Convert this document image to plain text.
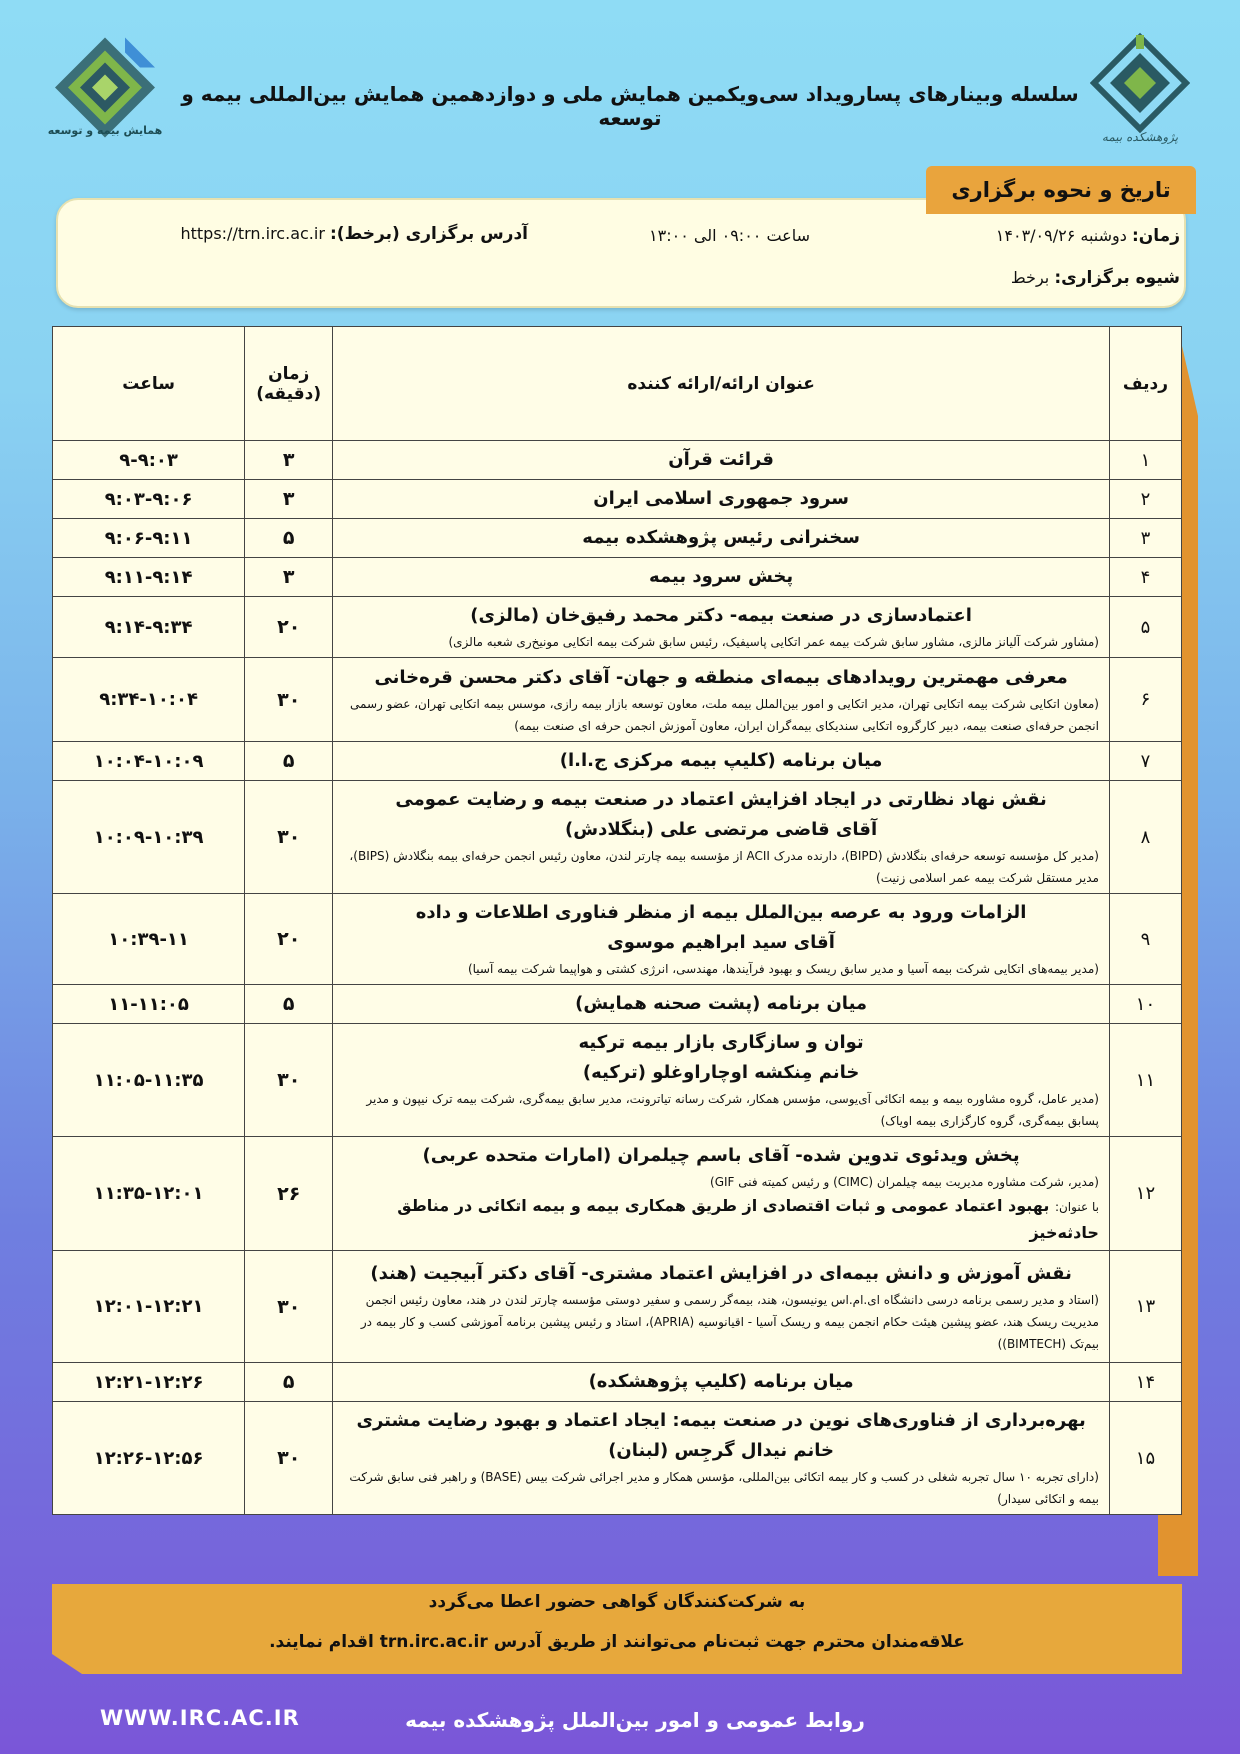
همایش بیمه و توسعه	پژوهشکده بیمه
سلسله وبینارهای پسارویداد سی‌ویکمین همایش ملی و دوازدهمین همایش بین‌المللی بیمه و توسعه
تاریخ و نحوه برگزاری
زمان: دوشنبه ۱۴۰۳/۰۹/۲۶
ساعت ۰۹:۰۰ الی ۱۳:۰۰
آدرس برگزاری (برخط): https://trn.irc.ac.ir
شیوه برگزاری: برخط
ردیف	عنوان ارائه/ارائه کننده	زمان (دقیقه)	ساعت
۱	قرائت قرآن	۳	۹-۹:۰۳
۲	سرود جمهوری اسلامی ایران	۳	۹:۰۳-۹:۰۶
۳	سخنرانی رئیس پژوهشکده بیمه	۵	۹:۰۶-۹:۱۱
۴	پخش سرود بیمه	۳	۹:۱۱-۹:۱۴
۵	اعتمادسازی در صنعت بیمه- دکتر محمد رفیق‌خان (مالزی)
(مشاور شرکت آلیانز مالزی، مشاور سابق شرکت بیمه عمر اتکایی پاسیفیک، رئیس سابق شرکت بیمه اتکایی مونیخ‌ری شعبه مالزی)	۲۰	۹:۱۴-۹:۳۴
۶	معرفی مهمترین رویدادهای بیمه‌ای منطقه و جهان- آقای دکتر محسن قره‌خانی
(معاون اتکایی شرکت بیمه اتکایی تهران، مدیر اتکایی و امور بین‌الملل بیمه ملت، معاون توسعه بازار بیمه رازی، موسس بیمه اتکایی تهران، عضو رسمی انجمن حرفه‌ای صنعت بیمه، دبیر کارگروه اتکایی سندیکای بیمه‌گران ایران، معاون آموزش انجمن حرفه ای صنعت بیمه)	۳۰	۹:۳۴-۱۰:۰۴
۷	میان برنامه (کلیپ بیمه مرکزی ج.ا.ا)	۵	۱۰:۰۴-۱۰:۰۹
۸	نقش نهاد نظارتی در ایجاد افزایش اعتماد در صنعت بیمه و رضایت عمومی
آقای قاضی مرتضی علی (بنگلادش)
(مدیر کل مؤسسه توسعه حرفه‌ای بنگلادش (BIPD)، دارنده مدرک ACII از مؤسسه بیمه چارتر لندن، معاون رئیس انجمن حرفه‌ای بیمه بنگلادش (BIPS)، مدیر مستقل شرکت بیمه عمر اسلامی زنیت)	۳۰	۱۰:۰۹-۱۰:۳۹
۹	الزامات ورود به عرصه بین‌الملل بیمه از منظر فناوری اطلاعات و داده
آقای سید ابراهیم موسوی
(مدیر بیمه‌های اتکایی شرکت بیمه آسیا و مدیر سابق ریسک و بهبود فرآیندها، مهندسی، انرژی کشتی و هواپیما شرکت بیمه آسیا)	۲۰	۱۰:۳۹-۱۱
۱۰	میان برنامه (پشت صحنه همایش)	۵	۱۱-۱۱:۰۵
۱۱	توان و سازگاری بازار بیمه ترکیه
خانم مِنکشه اوچاراوغلو (ترکیه)
(مدیر عامل، گروه مشاوره بیمه و بیمه اتکائی آی‌یوسی، مؤسس همکار، شرکت رسانه تیاترونت، مدیر سابق بیمه‌گری، شرکت بیمه ترک نیپون و مدیر پسابق بیمه‌گری، گروه کارگزاری بیمه اویاک)	۳۰	۱۱:۰۵-۱۱:۳۵
۱۲	پخش ویدئوی تدوین شده- آقای باسم چیلمران (امارات متحده عربی)
(مدیر، شرکت مشاوره مدیریت بیمه چیلمران (CIMC) و رئیس کمیته فنی GIF)
با عنوان: بهبود اعتماد عمومی و ثبات اقتصادی از طریق همکاری بیمه و بیمه اتکائی در مناطق حادثه‌خیز	۲۶	۱۱:۳۵-۱۲:۰۱
۱۳	نقش آموزش و دانش بیمه‌ای در افزایش اعتماد مشتری- آقای دکتر آبیجیت (هند)
(استاد و مدیر رسمی برنامه درسی دانشگاه ای.ام.اس یونیسون، هند، بیمه‌گر رسمی و سفیر دوستی مؤسسه چارتر لندن در هند، معاون رئیس انجمن مدیریت ریسک هند، عضو پیشین هیئت حکام انجمن بیمه و ریسک آسیا - اقیانوسیه (APRIA)، استاد و رئیس پیشین برنامه آموزشی کسب و کار بیمه در بیم‌تک (BIMTECH))	۳۰	۱۲:۰۱-۱۲:۲۱
۱۴	میان برنامه (کلیپ پژوهشکده)	۵	۱۲:۲۱-۱۲:۲۶
۱۵	بهره‌برداری از فناوری‌های نوین در صنعت بیمه: ایجاد اعتماد و بهبود رضایت مشتری
خانم نیدال گرجِس (لبنان)
(دارای تجربه ۱۰ سال تجربه شغلی در کسب و کار بیمه اتکائی بین‌المللی، مؤسس همکار و مدیر اجرائی شرکت بیس (BASE) و راهبر فنی سابق شرکت بیمه و اتکائی سیدار)	۳۰	۱۲:۲۶-۱۲:۵۶
به شرکت‌کنندگان گواهی حضور اعطا می‌گردد
علاقه‌مندان محترم جهت ثبت‌نام می‌توانند از طریق آدرس trn.irc.ac.ir اقدام نمایند.
WWW.IRC.AC.IR	روابط عمومی و امور بین‌الملل پژوهشکده بیمه
